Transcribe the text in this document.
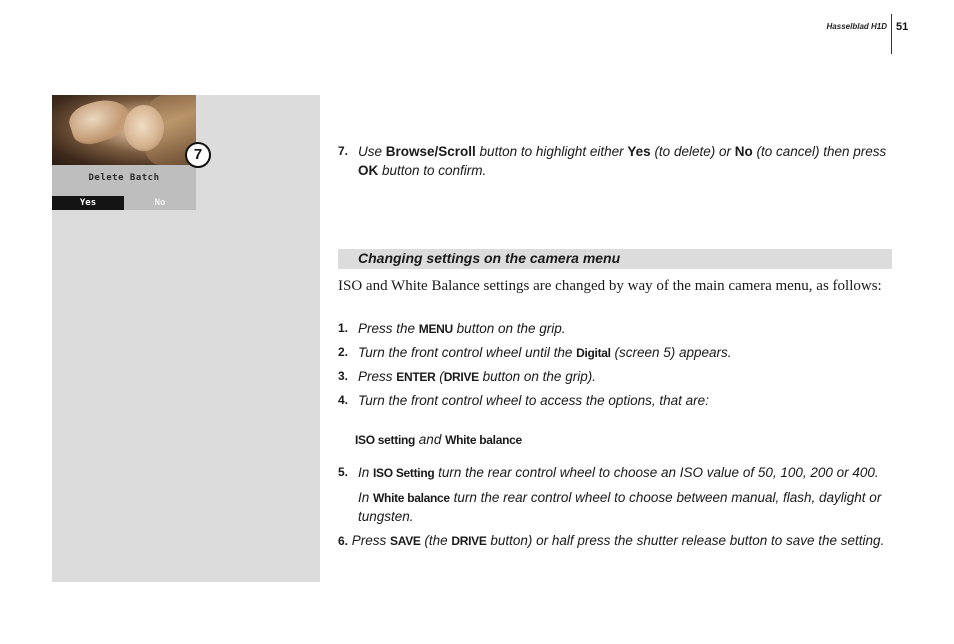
Hasselblad H1D 51
Delete Batch
Yes	No
7	7. Use Browse/Scroll button to highlight either Yes (to delete) or No (to cancel) then press
OK button to confirm.
Changing settings on the camera menu
ISO and White Balance settings are changed by way of the main camera menu, as follows:
1. Press the MENU button on the grip.
2. Turn the front control wheel until the Digital (screen 5) appears.
3. Press ENTER (DRIVE button on the grip).
4. Turn the front control wheel to access the options, that are:
ISO setting and White balance
5. In ISO Setting turn the rear control wheel to choose an ISO value of 50, 100, 200 or 400.
In White balance turn the rear control wheel to choose between manual, flash, daylight or
tungsten.
6. Press SAVE (the DRIVE button) or half press the shutter release button to save the setting.
